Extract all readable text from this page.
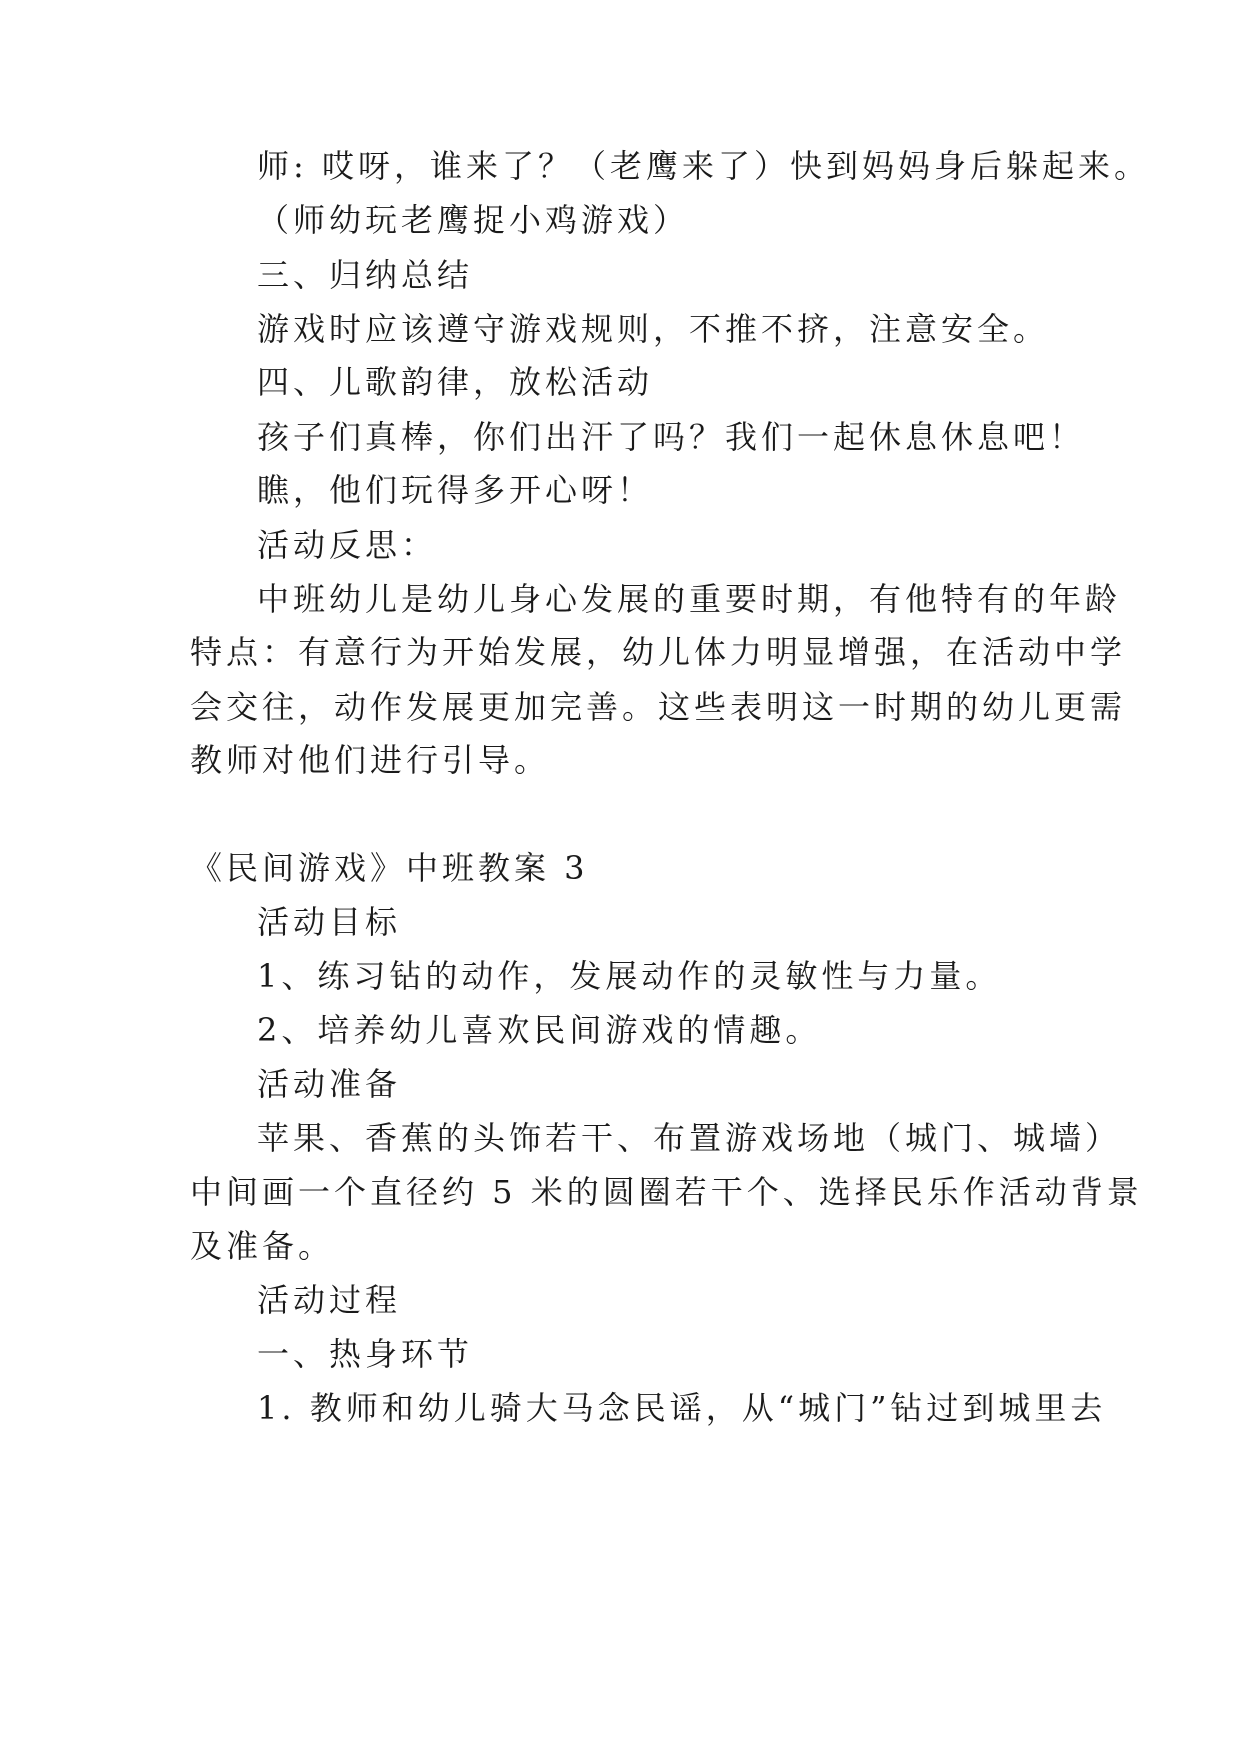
师: 哎呀，谁来了？（老鹰来了）快到妈妈身后躲起来。
（师幼玩老鹰捉小鸡游戏）
三、归纳总结
游戏时应该遵守游戏规则，不推不挤，注意安全。
四、儿歌韵律，放松活动
孩子们真棒，你们出汗了吗？我们一起休息休息吧！
瞧，他们玩得多开心呀！
活动反思：
中班幼儿是幼儿身心发展的重要时期，有他特有的年龄
特点：有意行为开始发展，幼儿体力明显增强，在活动中学
会交往，动作发展更加完善。这些表明这一时期的幼儿更需
教师对他们进行引导。
《民间游戏》中班教案 3
活动目标
1、练习钻的动作，发展动作的灵敏性与力量。
2、培养幼儿喜欢民间游戏的情趣。
活动准备
苹果、香蕉的头饰若干、布置游戏场地（城门、城墙）
中间画一个直径约 5 米的圆圈若干个、选择民乐作活动背景
及准备。
活动过程
一、热身环节
1. 教师和幼儿骑大马念民谣，从“城门”钻过到城里去
